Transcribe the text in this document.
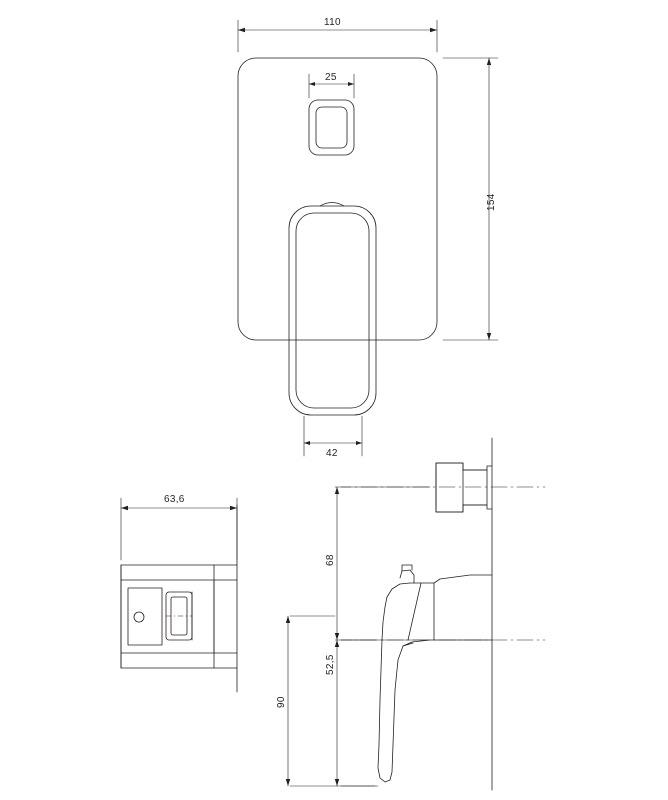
110
154
25
42
63,6
68
52,5
90
